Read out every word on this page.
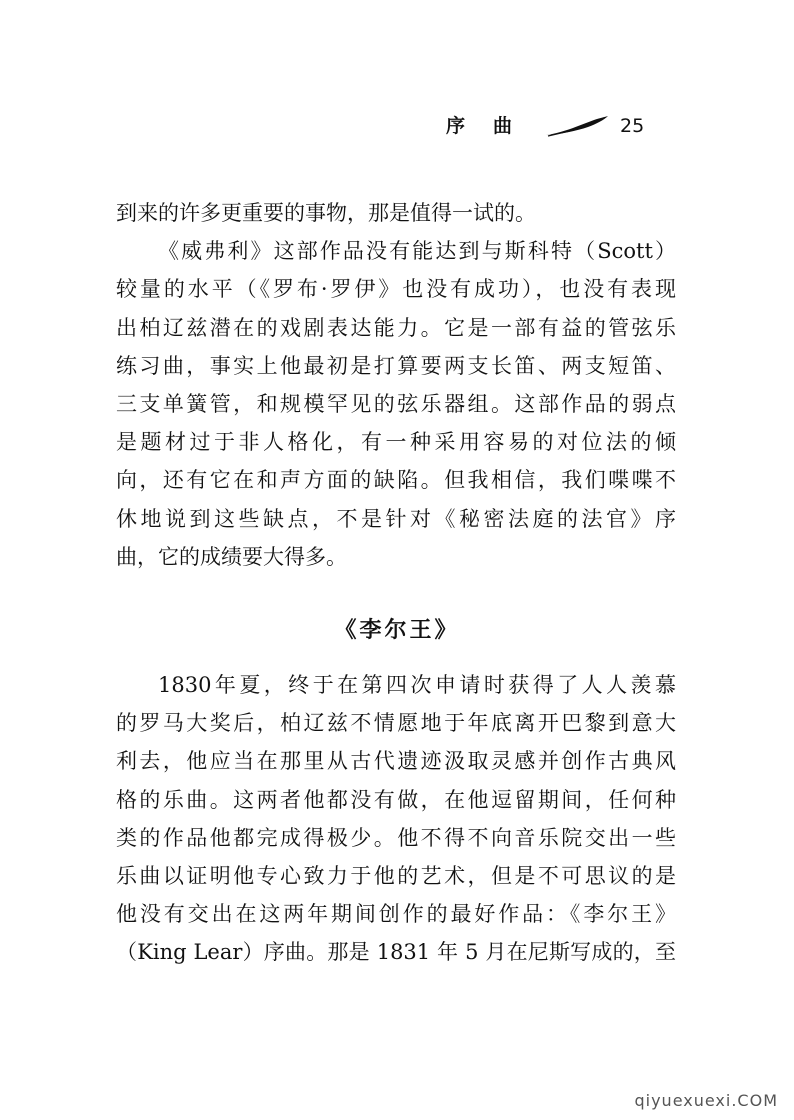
序曲	25
到来的许多更重要的事物，那是值得一试的。
《威弗利》这部作品没有能达到与斯科特（Scott）
较量的水平（《罗布·罗伊》也没有成功），也没有表现
出柏辽兹潜在的戏剧表达能力。它是一部有益的管弦乐
练习曲，事实上他最初是打算要两支长笛、两支短笛、
三支单簧管，和规模罕见的弦乐器组。这部作品的弱点
是题材过于非人格化，有一种采用容易的对位法的倾
向，还有它在和声方面的缺陷。但我相信，我们喋喋不
休地说到这些缺点，不是针对《秘密法庭的法官》序
曲，它的成绩要大得多。
《李尔王》
1830年夏，终于在第四次申请时获得了人人羡慕
的罗马大奖后，柏辽兹不情愿地于年底离开巴黎到意大
利去，他应当在那里从古代遗迹汲取灵感并创作古典风
格的乐曲。这两者他都没有做，在他逗留期间，任何种
类的作品他都完成得极少。他不得不向音乐院交出一些
乐曲以证明他专心致力于他的艺术，但是不可思议的是
他没有交出在这两年期间创作的最好作品：《李尔王》
（King Lear）序曲。那是 1831 年 5 月在尼斯写成的，至
qiyuexuexi.COM
